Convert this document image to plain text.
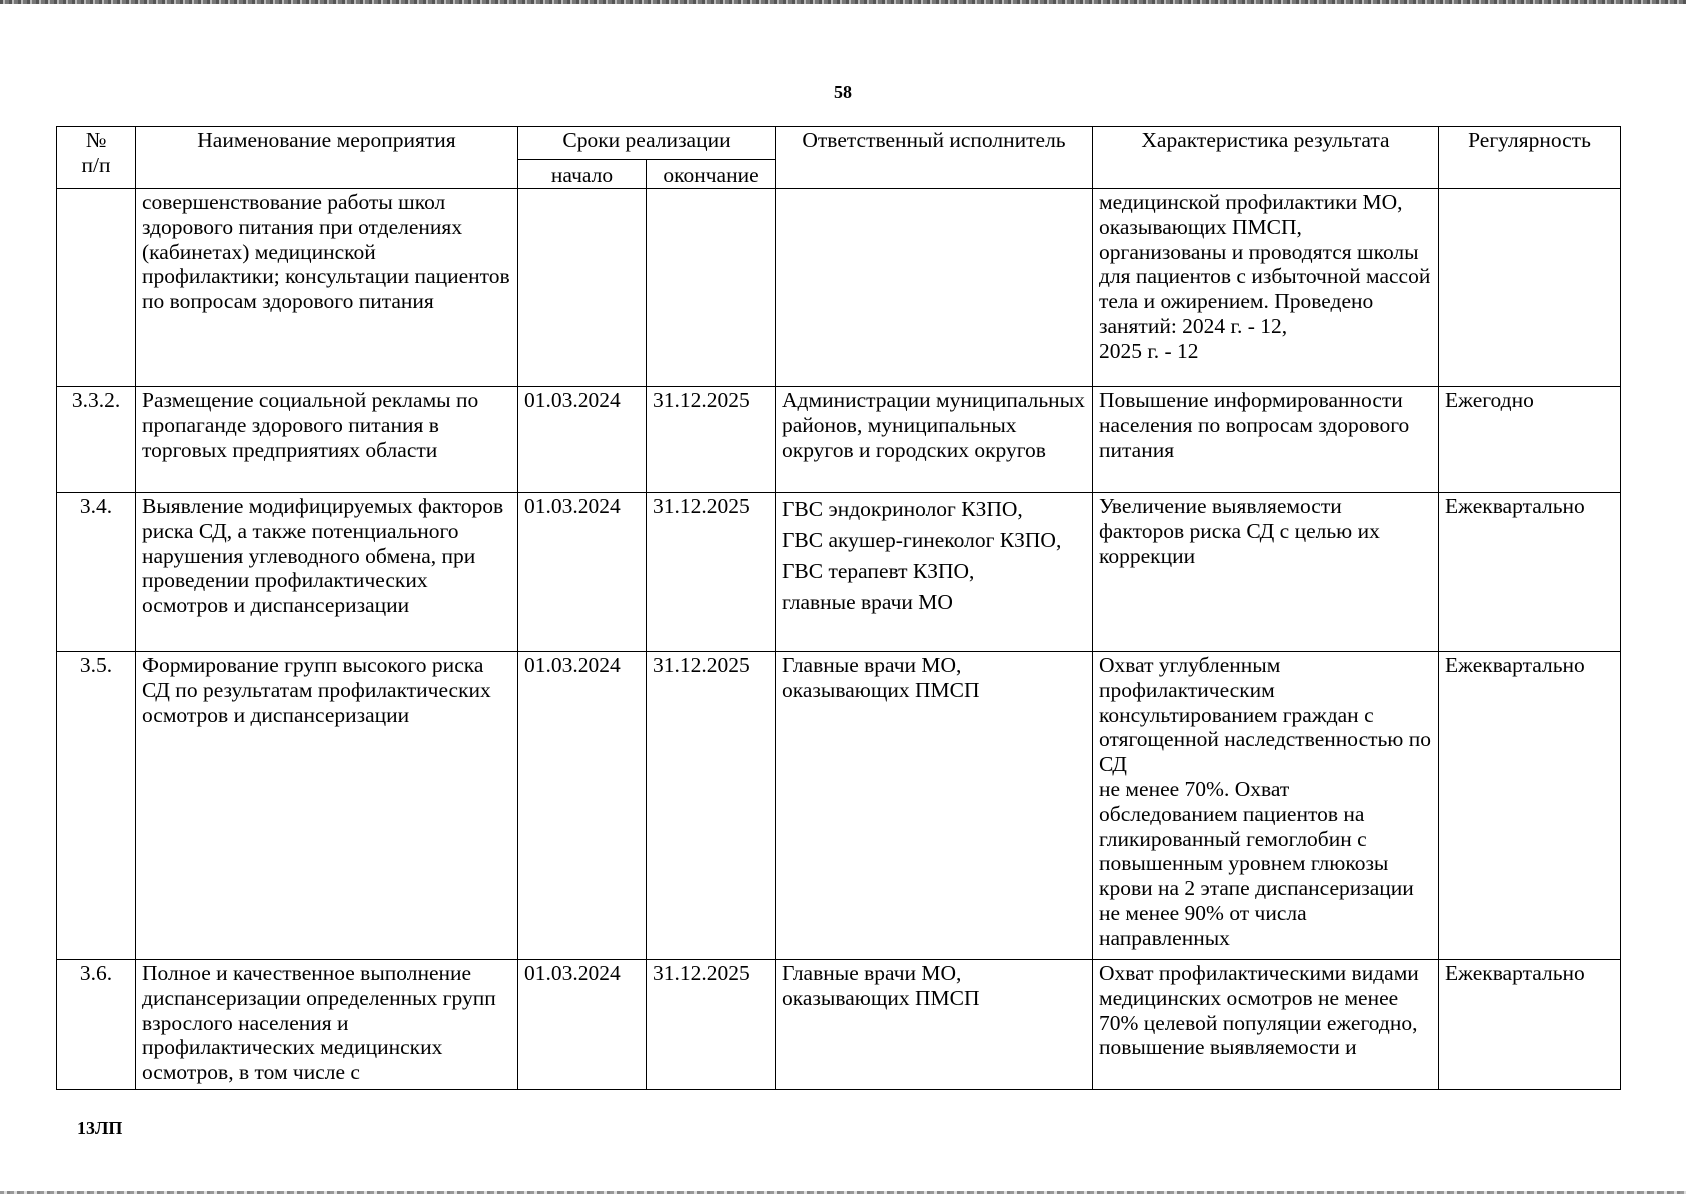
58
№
п/п	Наименование мероприятия	Сроки реализации		Ответственный исполнитель	Характеристика результата	Регулярность
		начало	окончание			
	совершенствование работы школ здорового питания при отделениях (кабинетах) медицинской профилактики; консультации пациентов по вопросам здорового питания				медицинской профилактики МО, оказывающих ПМСП, организованы и проводятся школы для пациентов с избыточной массой тела и ожирением. Проведено занятий: 2024 г. - 12,
2025 г. - 12	
3.3.2.	Размещение социальной рекламы по пропаганде здорового питания в торговых предприятиях области	01.03.2024	31.12.2025	Администрации муниципальных районов, муниципальных округов и городских округов	Повышение информированности населения по вопросам здорового питания	Ежегодно
3.4.	Выявление модифицируемых факторов риска СД, а также потенциального нарушения углеводного обмена, при проведении профилактических осмотров и диспансеризации	01.03.2024	31.12.2025	ГВС эндокринолог КЗПО,
ГВС акушер-гинеколог КЗПО,
ГВС терапевт КЗПО,
главные врачи МО	Увеличение выявляемости факторов риска СД с целью их коррекции	Ежеквартально
3.5.	Формирование групп высокого риска СД по результатам профилактических осмотров и диспансеризации	01.03.2024	31.12.2025	Главные врачи МО, оказывающих ПМСП	Охват углубленным профилактическим консультированием граждан с отягощенной наследственностью по СД
не менее 70%. Охват обследованием пациентов на гликированный гемоглобин с повышенным уровнем глюкозы крови на 2 этапе диспансеризации не менее 90% от числа направленных	Ежеквартально
3.6.	Полное и качественное выполнение диспансеризации определенных групп взрослого населения и профилактических медицинских осмотров, в том числе с	01.03.2024	31.12.2025	Главные врачи МО, оказывающих ПМСП	Охват профилактическими видами медицинских осмотров не менее 70% целевой популяции ежегодно, повышение выявляемости и	Ежеквартально
13ЛП
